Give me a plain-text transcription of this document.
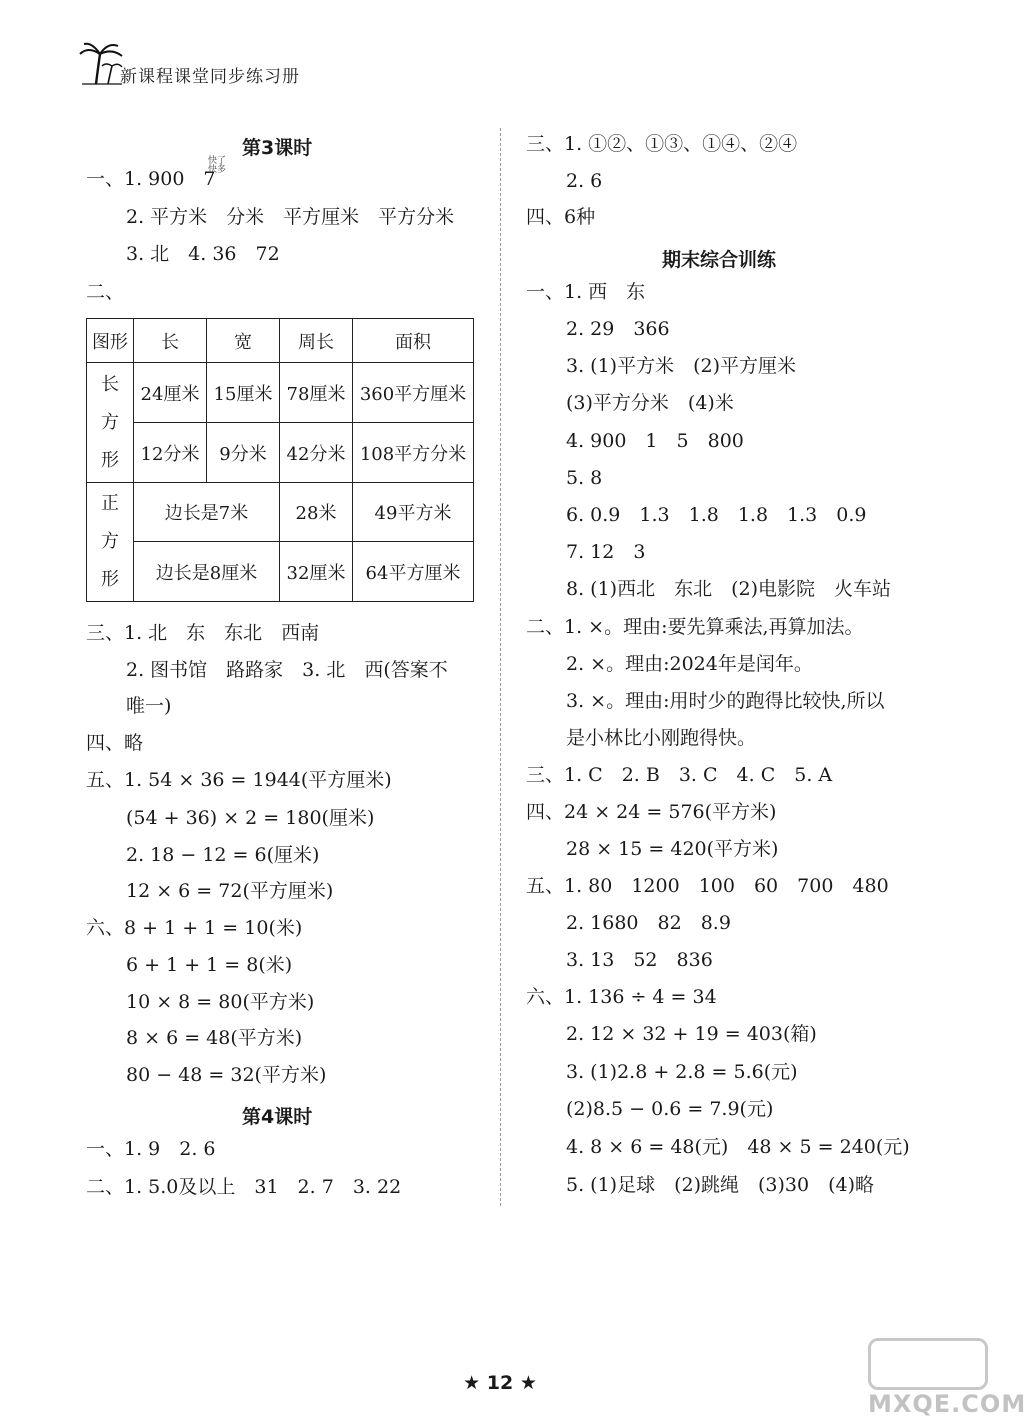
新课程课堂同步练习册
第3课时
一、1. 900　7
快了
快多
2. 平方米　分米　平方厘米　平方分米
3. 北　4. 36　72
二、
图形	长	宽	周长	面积
长
方
形	24厘米	15厘米	78厘米	360平方厘米
	12分米	9分米	42分米	108平方分米
正
方
形	边长是7米		28米	49平方米
	边长是8厘米		32厘米	64平方厘米
三、1. 北　东　东北　西南
2. 图书馆　路路家　3. 北　西(答案不
唯一)
四、略
五、1. 54 × 36 = 1944(平方厘米)
(54 + 36) × 2 = 180(厘米)
2. 18 − 12 = 6(厘米)
12 × 6 = 72(平方厘米)
六、8 + 1 + 1 = 10(米)
6 + 1 + 1 = 8(米)
10 × 8 = 80(平方米)
8 × 6 = 48(平方米)
80 − 48 = 32(平方米)
第4课时
一、1. 9　2. 6
二、1. 5.0及以上　31　2. 7　3. 22
三、1. ①②、①③、①④、②④
2. 6
四、6种
期末综合训练
一、1. 西　东
2. 29　366
3. (1)平方米　(2)平方厘米
(3)平方分米　(4)米
4. 900　1　5　800
5. 8
6. 0.9　1.3　1.8　1.8　1.3　0.9
7. 12　3
8. (1)西北　东北　(2)电影院　火车站
二、1. ×。理由:要先算乘法,再算加法。
2. ×。理由:2024年是闰年。
3. ×。理由:用时少的跑得比较快,所以
是小林比小刚跑得快。
三、1. C　2. B　3. C　4. C　5. A
四、24 × 24 = 576(平方米)
28 × 15 = 420(平方米)
五、1. 80　1200　100　60　700　480
2. 1680　82　8.9
3. 13　52　836
六、1. 136 ÷ 4 = 34
2. 12 × 32 + 19 = 403(箱)
3. (1)2.8 + 2.8 = 5.6(元)
(2)8.5 − 0.6 = 7.9(元)
4. 8 × 6 = 48(元)　48 × 5 = 240(元)
5. (1)足球　(2)跳绳　(3)30　(4)略
★ 12 ★
MXQE.COM
